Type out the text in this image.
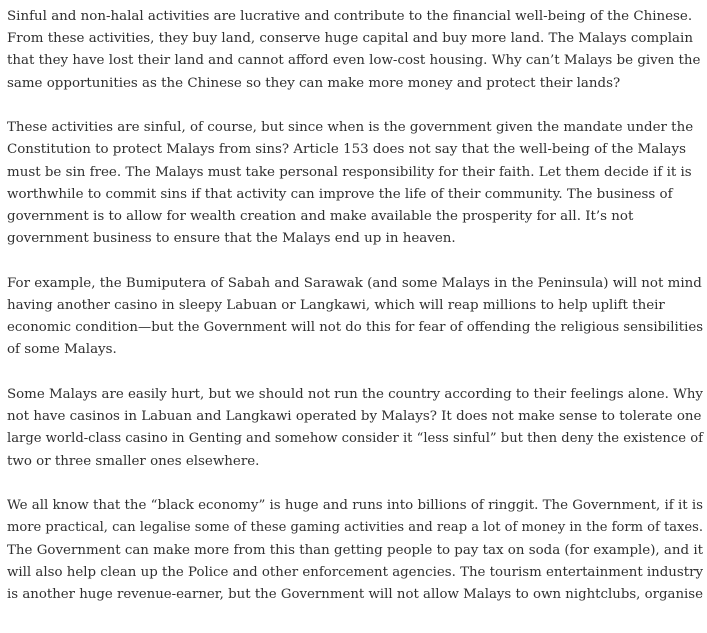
Sinful and non-halal activities are lucrative and contribute to the financial well-being of the Chinese.
From these activities, they buy land, conserve huge capital and buy more land. The Malays complain
that they have lost their land and cannot afford even low-cost housing. Why can’t Malays be given the
same opportunities as the Chinese so they can make more money and protect their lands?

These activities are sinful, of course, but since when is the government given the mandate under the
Constitution to protect Malays from sins? Article 153 does not say that the well-being of the Malays
must be sin free. The Malays must take personal responsibility for their faith. Let them decide if it is
worthwhile to commit sins if that activity can improve the life of their community. The business of
government is to allow for wealth creation and make available the prosperity for all. It’s not
government business to ensure that the Malays end up in heaven.

For example, the Bumiputera of Sabah and Sarawak (and some Malays in the Peninsula) will not mind
having another casino in sleepy Labuan or Langkawi, which will reap millions to help uplift their
economic condition—but the Government will not do this for fear of offending the religious sensibilities
of some Malays.

Some Malays are easily hurt, but we should not run the country according to their feelings alone. Why
not have casinos in Labuan and Langkawi operated by Malays? It does not make sense to tolerate one
large world-class casino in Genting and somehow consider it “less sinful” but then deny the existence of
two or three smaller ones elsewhere.

We all know that the “black economy” is huge and runs into billions of ringgit. The Government, if it is
more practical, can legalise some of these gaming activities and reap a lot of money in the form of taxes.
The Government can make more from this than getting people to pay tax on soda (for example), and it
will also help clean up the Police and other enforcement agencies. The tourism entertainment industry
is another huge revenue-earner, but the Government will not allow Malays to own nightclubs, organise
